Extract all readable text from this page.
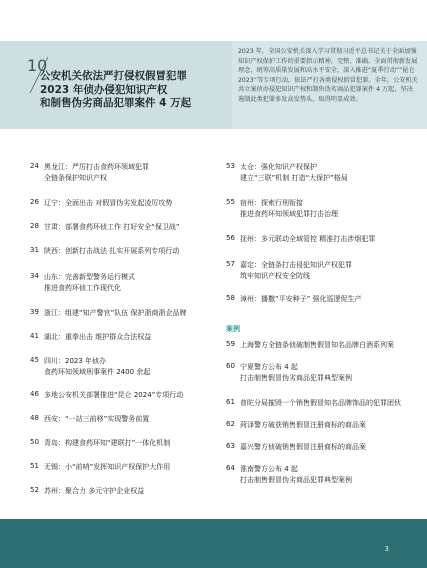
10
公安机关依法严打侵权假冒犯罪
2023 年侦办侵犯知识产权
和制售伪劣商品犯罪案件 4 万起
2023 年，全国公安机关深入学习贯彻习近平总书记关于全面加强知识产权保护工作的重要指示精神，完整、准确、全面贯彻新发展理念，统筹高质量发展和高水平安全，深入推进“夏季行动”“昆仑 2023”等专项行动，依法严打各类侵权假冒犯罪。全年，公安机关共立案侦办侵犯知识产权和制售伪劣商品犯罪案件 4 万起，坚决遏制此类犯罪多发高发势头，取得明显成效。
24 黑龙江：严厉打击食药环领域犯罪
全链条保护知识产权
26 辽宁：全面出击 对假冒伪劣发起凌厉攻势
28 甘肃：部署食药环侦工作 打好安全“保卫战”
31 陕西：创新打击战法 扎实开展系列专项行动
34 山东：完善新型警务运行模式
推进食药环侦工作现代化
39 浙江：组建“知产警官”队伍 保护浙商浙企品牌
41 湖北：重拳出击 维护群众合法权益
45 四川：2023 年侦办
食药环知领域刑事案件 2400 余起
46 多地公安机关部署推进“昆仑 2024”专项行动
48 西安：“一站三前移”实现警务前置
50 青岛：构建食药环知“建联打”一体化机制
51 无锡：小“前哨”发挥知识产权保护大作用
52 苏州：聚合力 多元守护企业权益
53 太仓：强化知识产权保护
建立“三联”机制 打造“大保护”格局
55 宿州：探索行刑衔接
推进食药环知领域犯罪打击治理
56 抚州：多元联动全域管控 精准打击涉烟犯罪
57 嘉定：全链条打击侵犯知识产权犯罪
筑牢知识产权安全防线
58 漳州：播撒“平安种子” 强化巡逻促生产
案例
59 上海警方全链条侦破制售假冒知名品牌白酒系列案
60 宁夏警方公布 4 起
打击制售假冒伪劣商品犯罪典型案例
61 普陀分局摧毁一个销售假冒知名品牌饰品的犯罪团伙
62 菏泽警方破获销售假冒注册商标的商品案
63 嘉兴警方侦破销售假冒注册商标的商品案
64 淮南警方公布 4 起
打击制售假冒伪劣商品犯罪典型案例
3
